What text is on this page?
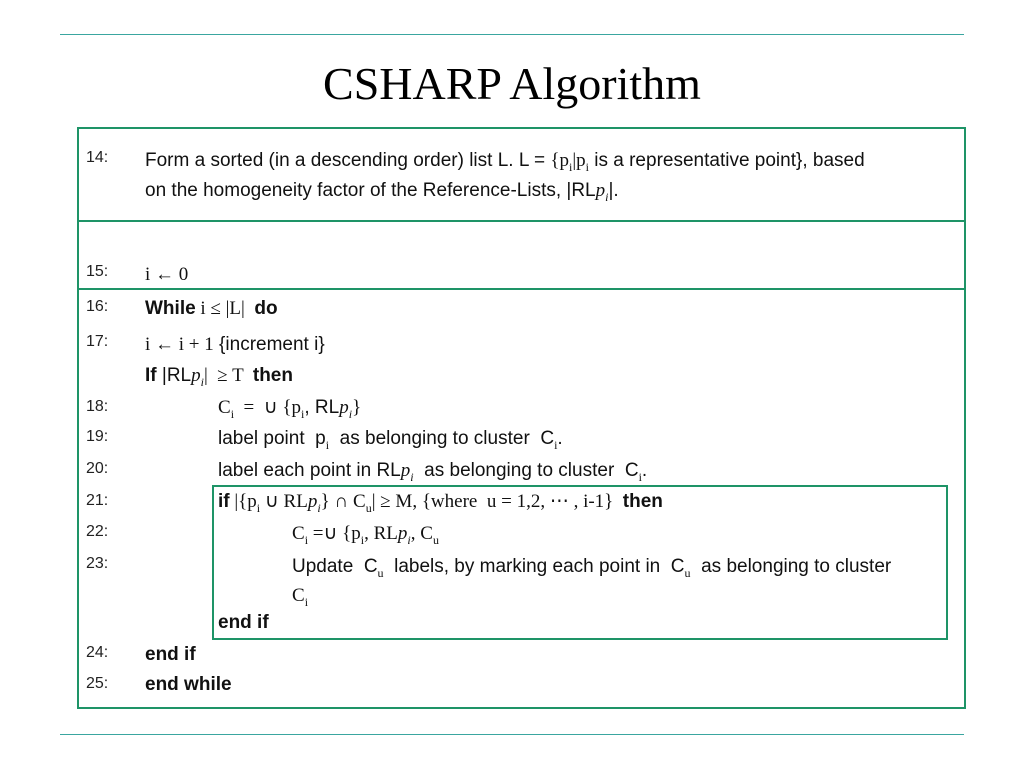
CSHARP Algorithm
14:
15:
16:
17:
18:
19:
20:
21:
22:
23:
24:
25:
Form a sorted (in a descending order) list L. $L = \{p_i|p_i$ is a representative point}, based
on the homogeneity factor of the Reference-Lists, |RLp$_i$|.
i ← 0
While i ≤ |L|  do
i ← i + 1 {increment i}
If |RLp$_i$|  ≥ T  then
$C_i$  =  ∪ {$p_i$, RLp$_i$}
label point  $p_i$  as belonging to cluster  $C_i$.
label each point in RLp$_i$  as belonging to cluster  $C_i$.
if $|\{p_i$ ∪ RLp$_i$} ∩ $C_u| \ge M$, {where  u = 1,2, ⋯ , i-1}  then
$C_i$ =∪ {$p_i$, RLp$_i$, $C_u$
Update  $C_u$  labels, by marking each point in  $C_u$  as belonging to cluster
$C_i$
end if
end if
end while
